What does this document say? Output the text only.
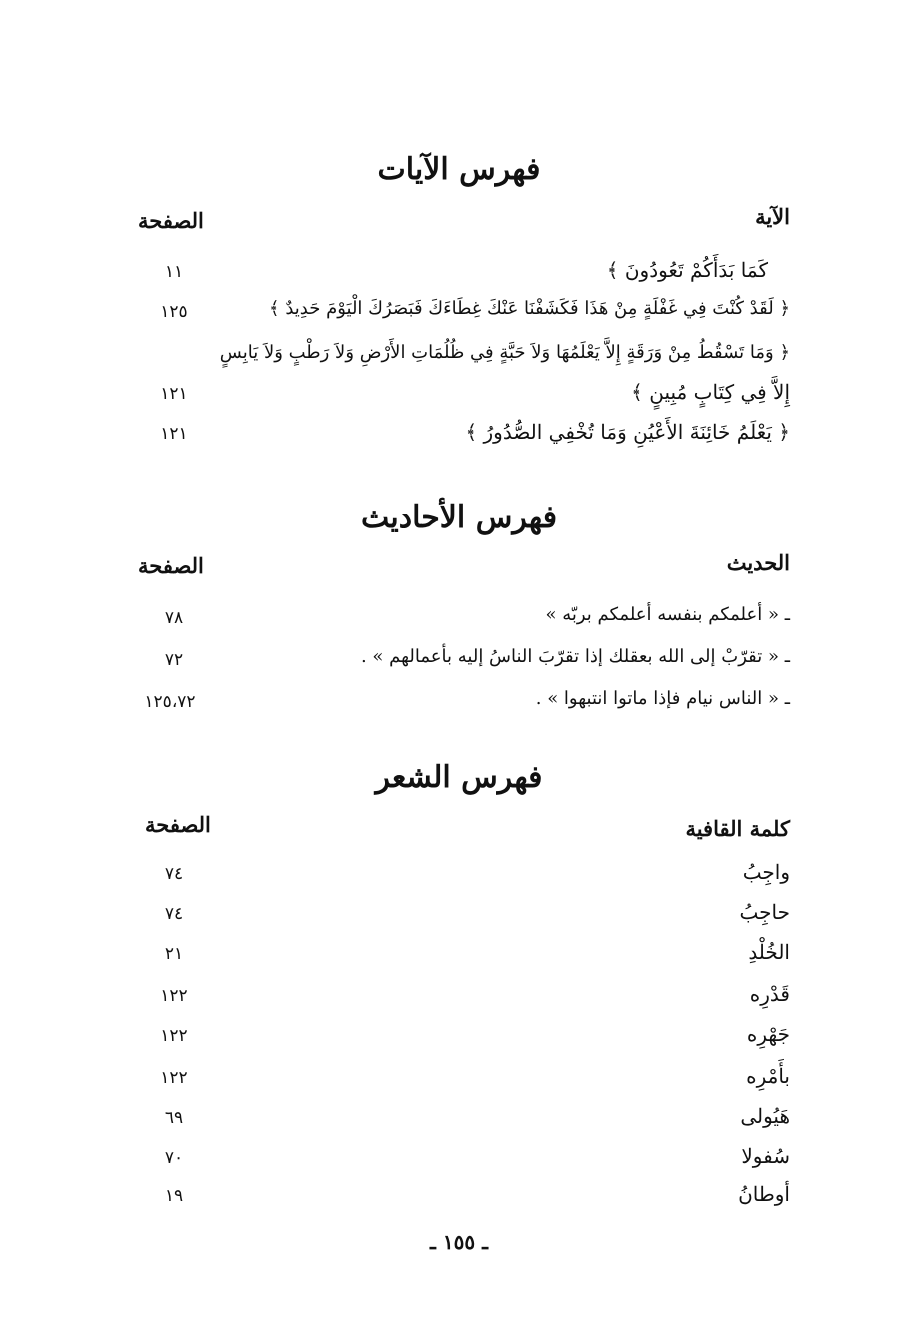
فهرس الآيات
الآية
الصفحة
كَمَا بَدَأَكُمْ تَعُودُونَ ﴾
١١
﴿ لَقَدْ كُنْتَ فِي غَفْلَةٍ مِنْ هَذَا فَكَشَفْنَا عَنْكَ غِطَاءَكَ فَبَصَرُكَ الْيَوْمَ حَدِيدٌ ﴾
١٢٥
﴿ وَمَا تَسْقُطُ مِنْ وَرَقَةٍ إِلاَّ يَعْلَمُهَا وَلاَ حَبَّةٍ فِي ظُلُمَاتِ الأَرْضِ وَلاَ رَطْبٍ وَلاَ يَابِسٍ
إِلاَّ فِي كِتَابٍ مُبِينٍ ﴾
١٢١
﴿ يَعْلَمُ خَائِنَةَ الأَعْيُنِ وَمَا تُخْفِي الصُّدُورُ ﴾
١٢١
فهرس الأحاديث
الحديث
الصفحة
ـ « أعلمكم بنفسه أعلمكم بربّه »
٧٨
ـ « تقرّبْ إلى الله بعقلك إذا تقرّبَ الناسُ إليه بأعمالهم » .
٧٢
ـ « الناس نيام فإذا ماتوا انتبهوا » .
١٢٥،٧٢
فهرس الشعر
كلمة القافية
الصفحة
واجِبُ
٧٤
حاجِبُ
٧٤
الخُلْدِ
٢١
قَدْرِه
١٢٢
جَهْرِه
١٢٢
بأَمْرِه
١٢٢
هَيُولى
٦٩
سُفولا
٧٠
أوطانُ
١٩
ـ ١٥٥ ـ
